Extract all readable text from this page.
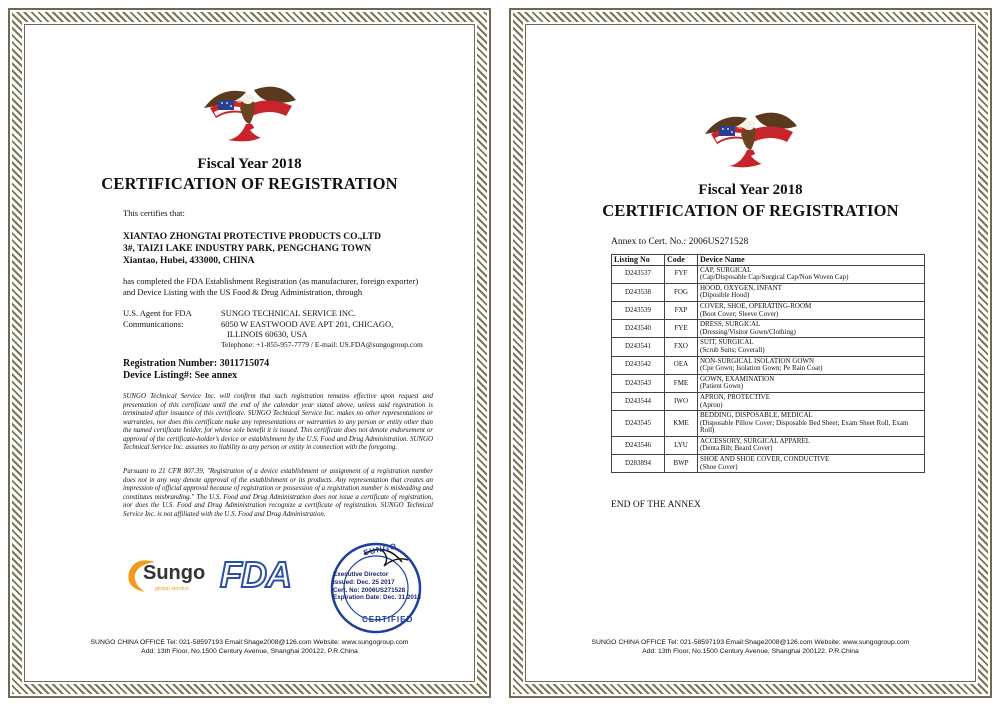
Fiscal Year 2018
CERTIFICATION OF REGISTRATION
This certifies that:
XIANTAO ZHONGTAI PROTECTIVE PRODUCTS CO.,LTD
3#, TAIZI LAKE INDUSTRY PARK, PENGCHANG TOWN
Xiantao, Hubei, 433000, CHINA
has completed the FDA Establishment Registration (as manufacturer, foreign exporter)
and Device Listing with the US Food & Drug Administration, through
U.S. Agent for FDA
Communications:
SUNGO TECHNICAL SERVICE INC.
6050 W EASTWOOD AVE APT 201, CHICAGO,
ILLINOIS 60630, USA
Telephone: +1-855-957-7779 / E-mail: US.FDA@sungogroup.com
Registration Number: 3011715074
Device Listing#: See annex
SUNGO Technical Service Inc. will confirm that such registration remains effective upon request and presentation of this certificate until the end of the calendar year stated above, unless said registration is terminated after issuance of this certificate. SUNGO Technical Service Inc. makes no other representations or warranties, nor does this certificate make any representations or warranties to any person or entity other than the named certificate holder, for whose sole benefit it is issued. This certificate does not denote endorsement or approval of the certificate-holder's device or establishment by the U.S. Food and Drug Administration. SUNGO Technical Service Inc. assumes no liability to any person or entity in connection with the foregoing.
Pursuant to 21 CFR 807.39, "Registration of a device establishment or assignment of a registration number does not in any way denote approval of the establishment or its products. Any representation that creates an impression of official approval because of registration or possession of a registration number is misleading and constitutes misbranding." The U.S. Food and Drug Administration does not issue a certificate of registration, nor does the U.S. Food and Drug Administration recognize a certificate of registration. SUNGO Technical Service Inc. is not affiliated with the U.S. Food and Drug Administration.
Sungo
global service FDA
SUNGO
CERTIFIED
Executive Director
Issued: Dec. 25 2017
Cert. No: 2006US271528
Expiration Date: Dec. 31 2018
SUNGO CHINA OFFICE Tel: 021-58597193 Email:Shage2008@126.com Website: www.sungogroup.com
Add: 13th Floor, No.1500 Century Avenue, Shanghai 200122, P.R.China
Fiscal Year 2018
CERTIFICATION OF REGISTRATION
Annex to Cert. No.: 2006US271528
Listing No	Code	Device Name
D243537	FYF	CAP, SURGICAL
(Cap/Disposable Cap/Surgical Cap/Non Woven Cap)

D243538	FOG	HOOD, OXYGEN, INFANT
(Diposible Hood)

D243539	FXP	COVER, SHOE, OPERATING-ROOM
(Boot Cover; Sleeve Cover)

D243540	FYE	DRESS, SURGICAL
(Dressing/Visitor Gown/Clothing)

D243541	FXO	SUIT, SURGICAL
(Scrub Suits; Coverall)

D243542	OEA	NON-SURGICAL ISOLATION GOWN
(Cpe Gown; Isolation Gown; Pe Rain Coat)

D243543	FME	GOWN, EXAMINATION
(Patient Gown)

D243544	IWO	APRON, PROTECTIVE
(Apron)

D243545	KME	BEDDING, DISPOSABLE, MEDICAL
(Disposable Pillow Cover; Disposable Bed Sheet; Exam Sheet Roll, Exam Roll)

D243546	LYU	ACCESSORY, SURGICAL APPAREL
(Denta Bib; Beard Cover)

D283894	BWP	SHOE AND SHOE COVER, CONDUCTIVE
(Shoe Cover)
END OF THE ANNEX
SUNGO CHINA OFFICE Tel: 021-58597193 Email:Shage2008@126.com Website: www.sungogroup.com
Add: 13th Floor, No.1500 Century Avenue, Shanghai 200122, P.R.China
